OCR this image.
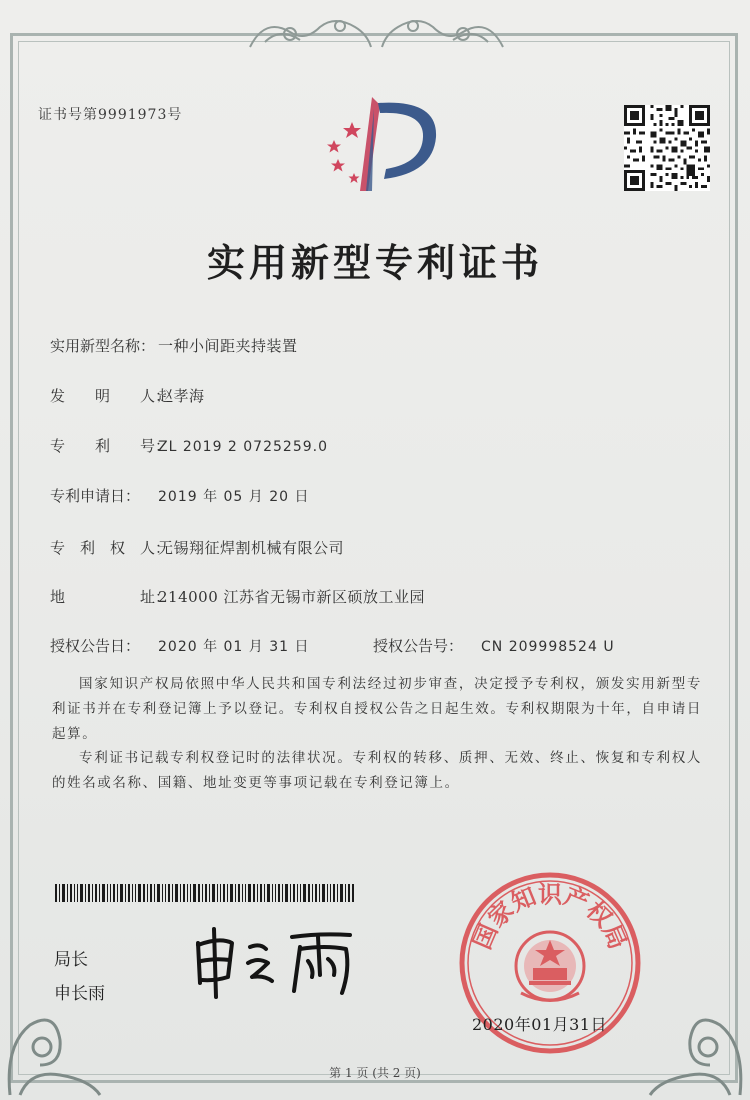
证书号第9991973号
实用新型专利证书
实用新型名称： 一种小间距夹持装置
发　　明　　人：
赵孝海
专　　利　　号：
ZL 2019 2 0725259.0
专利申请日：	2019 年 05 月 20 日
专　利　权　人：
无锡翔征焊割机械有限公司
地　　　　　址：
214000 江苏省无锡市新区硕放工业园
授权公告日：	2020 年 01 月 31 日	授权公告号：	CN 209998524 U
国家知识产权局依照中华人民共和国专利法经过初步审查，决定授予专利权，颁发实用新型专利证书并在专利登记簿上予以登记。专利权自授权公告之日起生效。专利权期限为十年，自申请日起算。
专利证书记载专利权登记时的法律状况。专利权的转移、质押、无效、终止、恢复和专利权人的姓名或名称、国籍、地址变更等事项记载在专利登记簿上。
局长
申长雨
国家知识产权局
2020年01月31日
第 1 页 (共 2 页)
